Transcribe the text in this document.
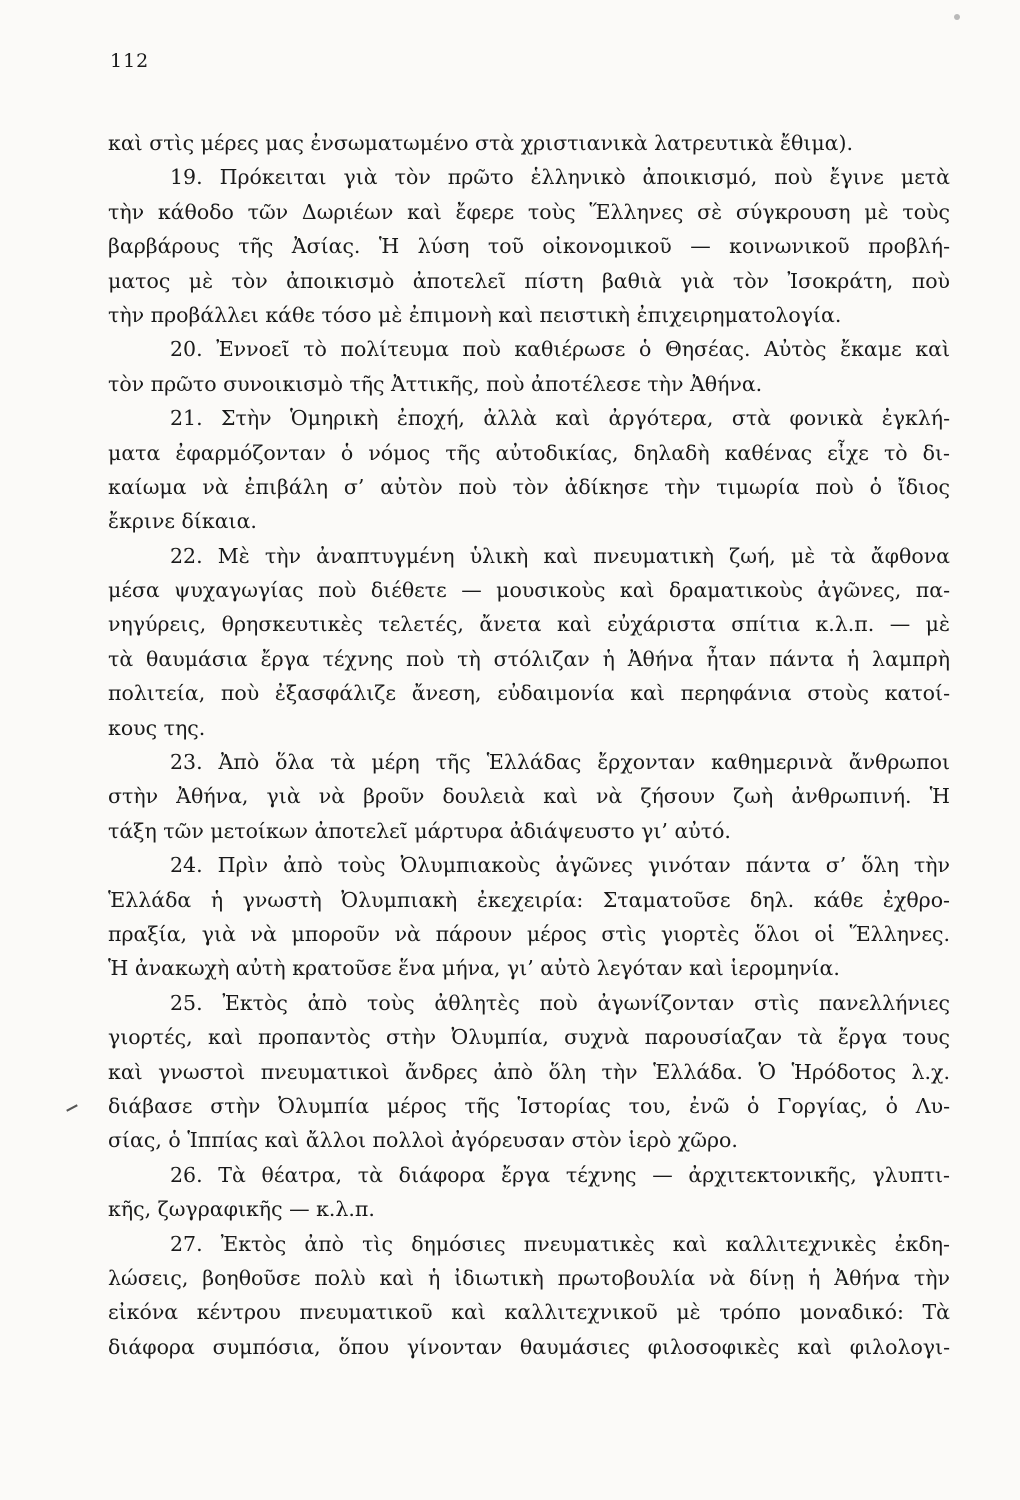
112
καὶ στὶς μέρες μας ἐνσωματωμένο στὰ χριστιανικὰ λατρευτικὰ ἔθιμα).
19. Πρόκειται γιὰ τὸν πρῶτο ἑλληνικὸ ἀποικισμό, ποὺ ἔγινε μετὰ
τὴν κάθοδο τῶν Δωριέων καὶ ἔφερε τοὺς Ἕλληνες σὲ σύγκρουση μὲ τοὺς
βαρβάρους τῆς Ἀσίας. Ἡ λύση τοῦ οἰκονομικοῦ — κοινωνικοῦ προβλή-
ματος μὲ τὸν ἀποικισμὸ ἀποτελεῖ πίστη βαθιὰ γιὰ τὸν Ἰσοκράτη, ποὺ
τὴν προβάλλει κάθε τόσο μὲ ἐπιμονὴ καὶ πειστικὴ ἐπιχειρηματολογία.
20. Ἐννοεῖ τὸ πολίτευμα ποὺ καθιέρωσε ὁ Θησέας. Αὐτὸς ἔκαμε καὶ
τὸν πρῶτο συνοικισμὸ τῆς Ἀττικῆς, ποὺ ἀποτέλεσε τὴν Ἀθήνα.
21. Στὴν Ὁμηρικὴ ἐποχή, ἀλλὰ καὶ ἀργότερα, στὰ φονικὰ ἐγκλή-
ματα ἐφαρμόζονταν ὁ νόμος τῆς αὐτοδικίας, δηλαδὴ καθένας εἶχε τὸ δι-
καίωμα νὰ ἐπιβάλη σ’ αὐτὸν ποὺ τὸν ἀδίκησε τὴν τιμωρία ποὺ ὁ ἴδιος
ἔκρινε δίκαια.
22. Μὲ τὴν ἀναπτυγμένη ὑλικὴ καὶ πνευματικὴ ζωή, μὲ τὰ ἄφθονα
μέσα ψυχαγωγίας ποὺ διέθετε — μουσικοὺς καὶ δραματικοὺς ἀγῶνες, πα-
νηγύρεις, θρησκευτικὲς τελετές, ἄνετα καὶ εὐχάριστα σπίτια κ.λ.π. — μὲ
τὰ θαυμάσια ἔργα τέχνης ποὺ τὴ στόλιζαν ἡ Ἀθήνα ἦταν πάντα ἡ λαμπρὴ
πολιτεία, ποὺ ἐξασφάλιζε ἄνεση, εὐδαιμονία καὶ περηφάνια στοὺς κατοί-
κους της.
23. Ἀπὸ ὅλα τὰ μέρη τῆς Ἑλλάδας ἔρχονταν καθημερινὰ ἄνθρωποι
στὴν Ἀθήνα, γιὰ νὰ βροῦν δουλειὰ καὶ νὰ ζήσουν ζωὴ ἀνθρωπινή. Ἡ
τάξη τῶν μετοίκων ἀποτελεῖ μάρτυρα ἀδιάψευστο γι’ αὐτό.
24. Πρὶν ἀπὸ τοὺς Ὀλυμπιακοὺς ἀγῶνες γινόταν πάντα σ’ ὅλη τὴν
Ἑλλάδα ἡ γνωστὴ Ὀλυμπιακὴ ἐκεχειρία: Σταματοῦσε δηλ. κάθε ἐχθρο-
πραξία, γιὰ νὰ μποροῦν νὰ πάρουν μέρος στὶς γιορτὲς ὅλοι οἱ Ἕλληνες.
Ἡ ἀνακωχὴ αὐτὴ κρατοῦσε ἕνα μήνα, γι’ αὐτὸ λεγόταν καὶ ἱερομηνία.
25. Ἐκτὸς ἀπὸ τοὺς ἀθλητὲς ποὺ ἀγωνίζονταν στὶς πανελλήνιες
γιορτές, καὶ προπαντὸς στὴν Ὀλυμπία, συχνὰ παρουσίαζαν τὰ ἔργα τους
καὶ γνωστοὶ πνευματικοὶ ἄνδρες ἀπὸ ὅλη τὴν Ἑλλάδα. Ὁ Ἡρόδοτος λ.χ.
διάβασε στὴν Ὀλυμπία μέρος τῆς Ἱστορίας του, ἐνῶ ὁ Γοργίας, ὁ Λυ-
σίας, ὁ Ἱππίας καὶ ἄλλοι πολλοὶ ἀγόρευσαν στὸν ἱερὸ χῶρο.
26. Τὰ θέατρα, τὰ διάφορα ἔργα τέχνης — ἀρχιτεκτονικῆς, γλυπτι-
κῆς, ζωγραφικῆς — κ.λ.π.
27. Ἐκτὸς ἀπὸ τὶς δημόσιες πνευματικὲς καὶ καλλιτεχνικὲς ἐκδη-
λώσεις, βοηθοῦσε πολὺ καὶ ἡ ἰδιωτικὴ πρωτοβουλία νὰ δίνῃ ἡ Ἀθήνα τὴν
εἰκόνα κέντρου πνευματικοῦ καὶ καλλιτεχνικοῦ μὲ τρόπο μοναδικό: Τὰ
διάφορα συμπόσια, ὅπου γίνονταν θαυμάσιες φιλοσοφικὲς καὶ φιλολογι-
